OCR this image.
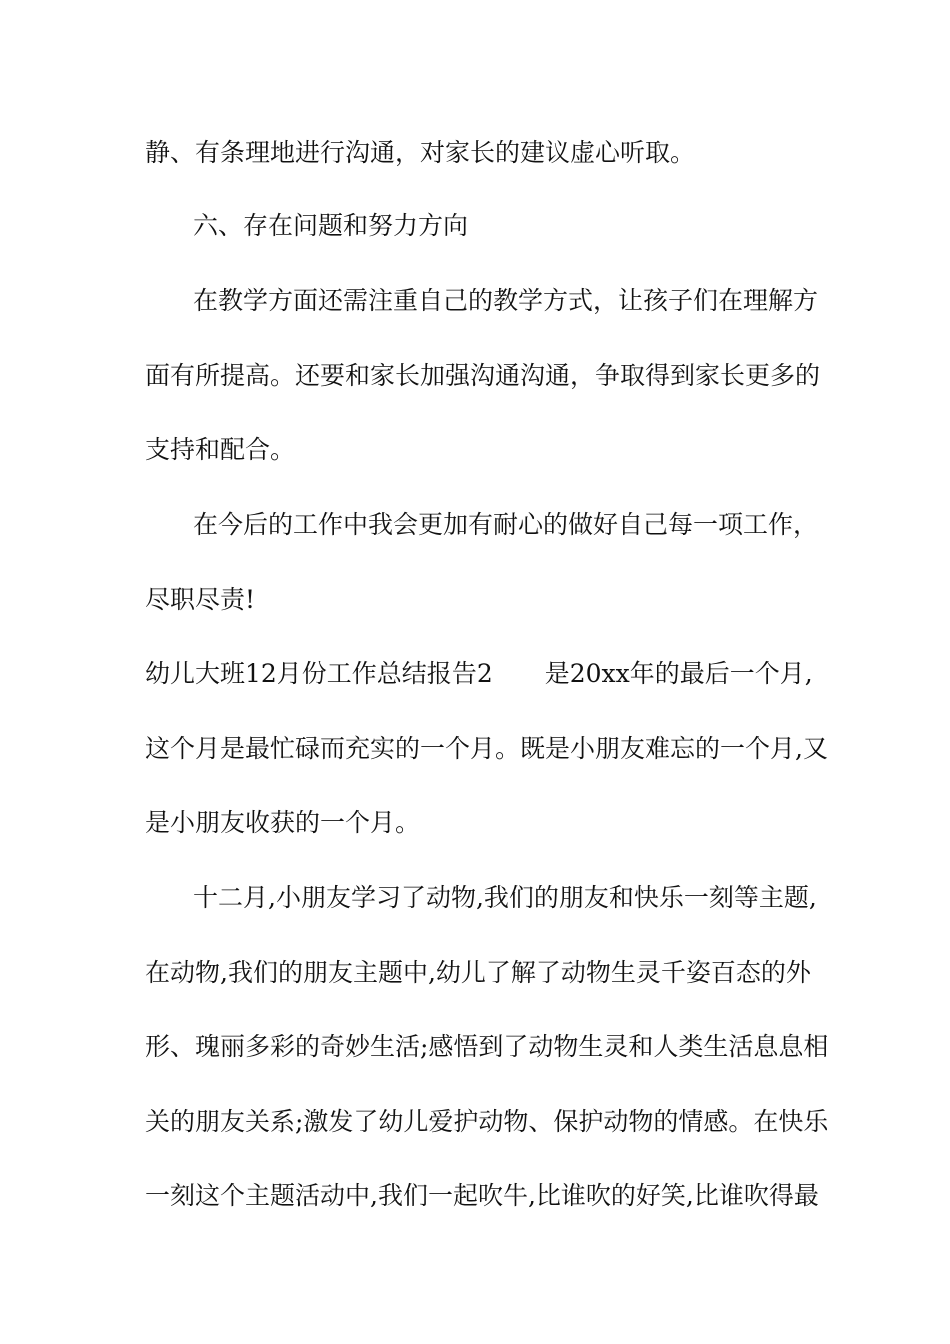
静、有条理地进行沟通，对家长的建议虚心听取。
六、存在问题和努力方向
在教学方面还需注重自己的教学方式，让孩子们在理解方
面有所提高。还要和家长加强沟通沟通，争取得到家长更多的
支持和配合。
在今后的工作中我会更加有耐心的做好自己每一项工作，
尽职尽责!
幼儿大班12月份工作总结报告2 是20xx年的最后一个月,
这个月是最忙碌而充实的一个月。既是小朋友难忘的一个月,又
是小朋友收获的一个月。
十二月,小朋友学习了动物,我们的朋友和快乐一刻等主题,
在动物,我们的朋友主题中,幼儿了解了动物生灵千姿百态的外
形、瑰丽多彩的奇妙生活;感悟到了动物生灵和人类生活息息相
关的朋友关系;激发了幼儿爱护动物、保护动物的情感。在快乐
一刻这个主题活动中,我们一起吹牛,比谁吹的好笑,比谁吹得最
